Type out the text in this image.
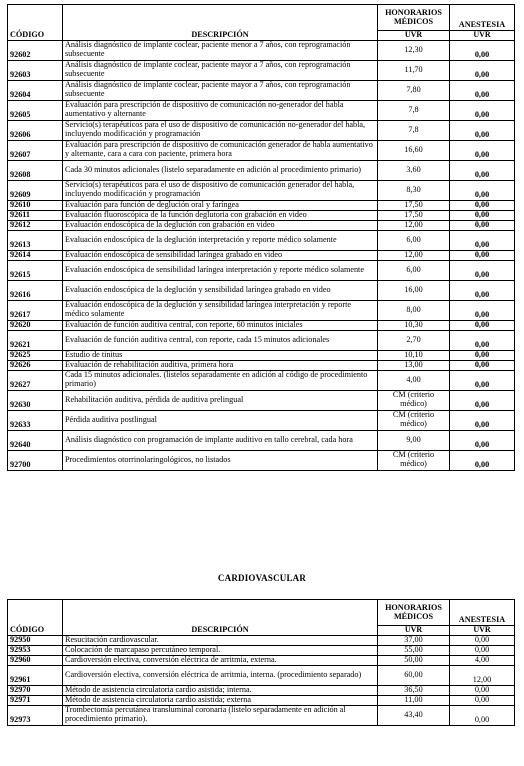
CÓDIGO	DESCRIPCIÓN	HONORARIOS MÉDICOS	ANESTESIA
		UVR	UVR
92602	Análisis diagnóstico de implante coclear, paciente menor a 7 años, con reprogramación subsecuente	12,30	0,00
92603	Análisis diagnóstico de implante coclear, paciente mayor a 7 años, con reprogramación subsecuente	11,70	0,00
92604	Análisis diagnóstico de implante coclear, paciente mayor a 7 años, con reprogramación subsecuente	7,80	0,00
92605	Evaluación para prescripción de dispositivo de comunicación no-generador del habla aumentativo y alternante	7,8	0,00
92606	Servicio(s) terapéuticos para el uso de dispositivo de comunicación no-generador del habla, incluyendo modificación y programación	7,8	0,00
92607	Evaluación para prescripción de dispositivo de comunicación generador de habla aumentativo y alternante, cara a cara con paciente, primera hora	16,60	0,00
92608	Cada 30 minutos adicionales (listelo separadamente en adición al procedimiento primario)	3,60	0,00
92609	Servicio(s) terapéuticos para el uso de dispositivo de comunicación generador del habla, incluyendo modificación y programación	8,30	0,00
92610	Evaluación para función de deglución oral y faríngea	17,50	0,00
92611	Evaluación fluoroscópica de la función deglutoria con grabación en video	17,50	0,00
92612	Evaluación endoscópica de la deglución con grabación en video	12,00	0,00
92613	Evaluación endoscópica de la deglución interpretación y reporte médico solamente	6,00	0,00
92614	Evaluación endoscópica de sensibilidad laríngea grabado en video	12,00	0,00
92615	Evaluación endoscópica de sensibilidad laríngea interpretación y reporte médico solamente	6,00	0,00
92616	Evaluación endoscópica de la deglución y sensibilidad laríngea grabado en video	16,00	0,00
92617	Evaluación endoscópica de la deglución y sensibilidad laríngea interpretación y reporte médico solamente	8,00	0,00
92620	Evaluación de función auditiva central, con reporte, 60 minutos iniciales	10,30	0,00
92621	Evaluación de función auditiva central, con reporte, cada 15 minutos adicionales	2,70	0,00
92625	Estudio de tinitus	10,10	0,00
92626	Evaluación de rehabilitación auditiva, primera hora	13,00	0,00
92627	Cada 15 minutos adicionales. (listelos separadamente en adición al código de procedimiento primario)	4,00	0,00
92630	Rehabilitación auditiva, pérdida de auditiva prelingual	CM (criterio médico)	0,00
92633	Pérdida auditiva postlingual	CM (criterio médico)	0,00
92640	Análisis diagnóstico con programación de implante auditivo en tallo cerebral, cada hora	9,00	0,00
92700	Procedimientos otorrinolaringológicos, no listados	CM (criterio médico)	0,00
CARDIOVASCULAR
CÓDIGO	DESCRIPCIÓN	HONORARIOS MÉDICOS	ANESTESIA
		UVR	UVR
92950	Resucitación cardiovascular.	37,00	0,00
92953	Colocación de marcapaso percutáneo temporal.	55,00	0,00
92960	Cardioversión electiva, conversión eléctrica de arritmia, externa.	50,00	4,00
92961	Cardioversión electiva, conversión eléctrica de arritmia, interna. (procedimiento separado)	60,00	12,00
92970	Método de asistencia circulatoria cardio asistida; interna.	36,50	0,00
92971	Método de asistencia circulatoria cardio asistida; externa	11,00	0,00
92973	Trombectomía percutánea transluminal coronaria (listelo separadamente en adición al procedimiento primario).	43,40	0,00
